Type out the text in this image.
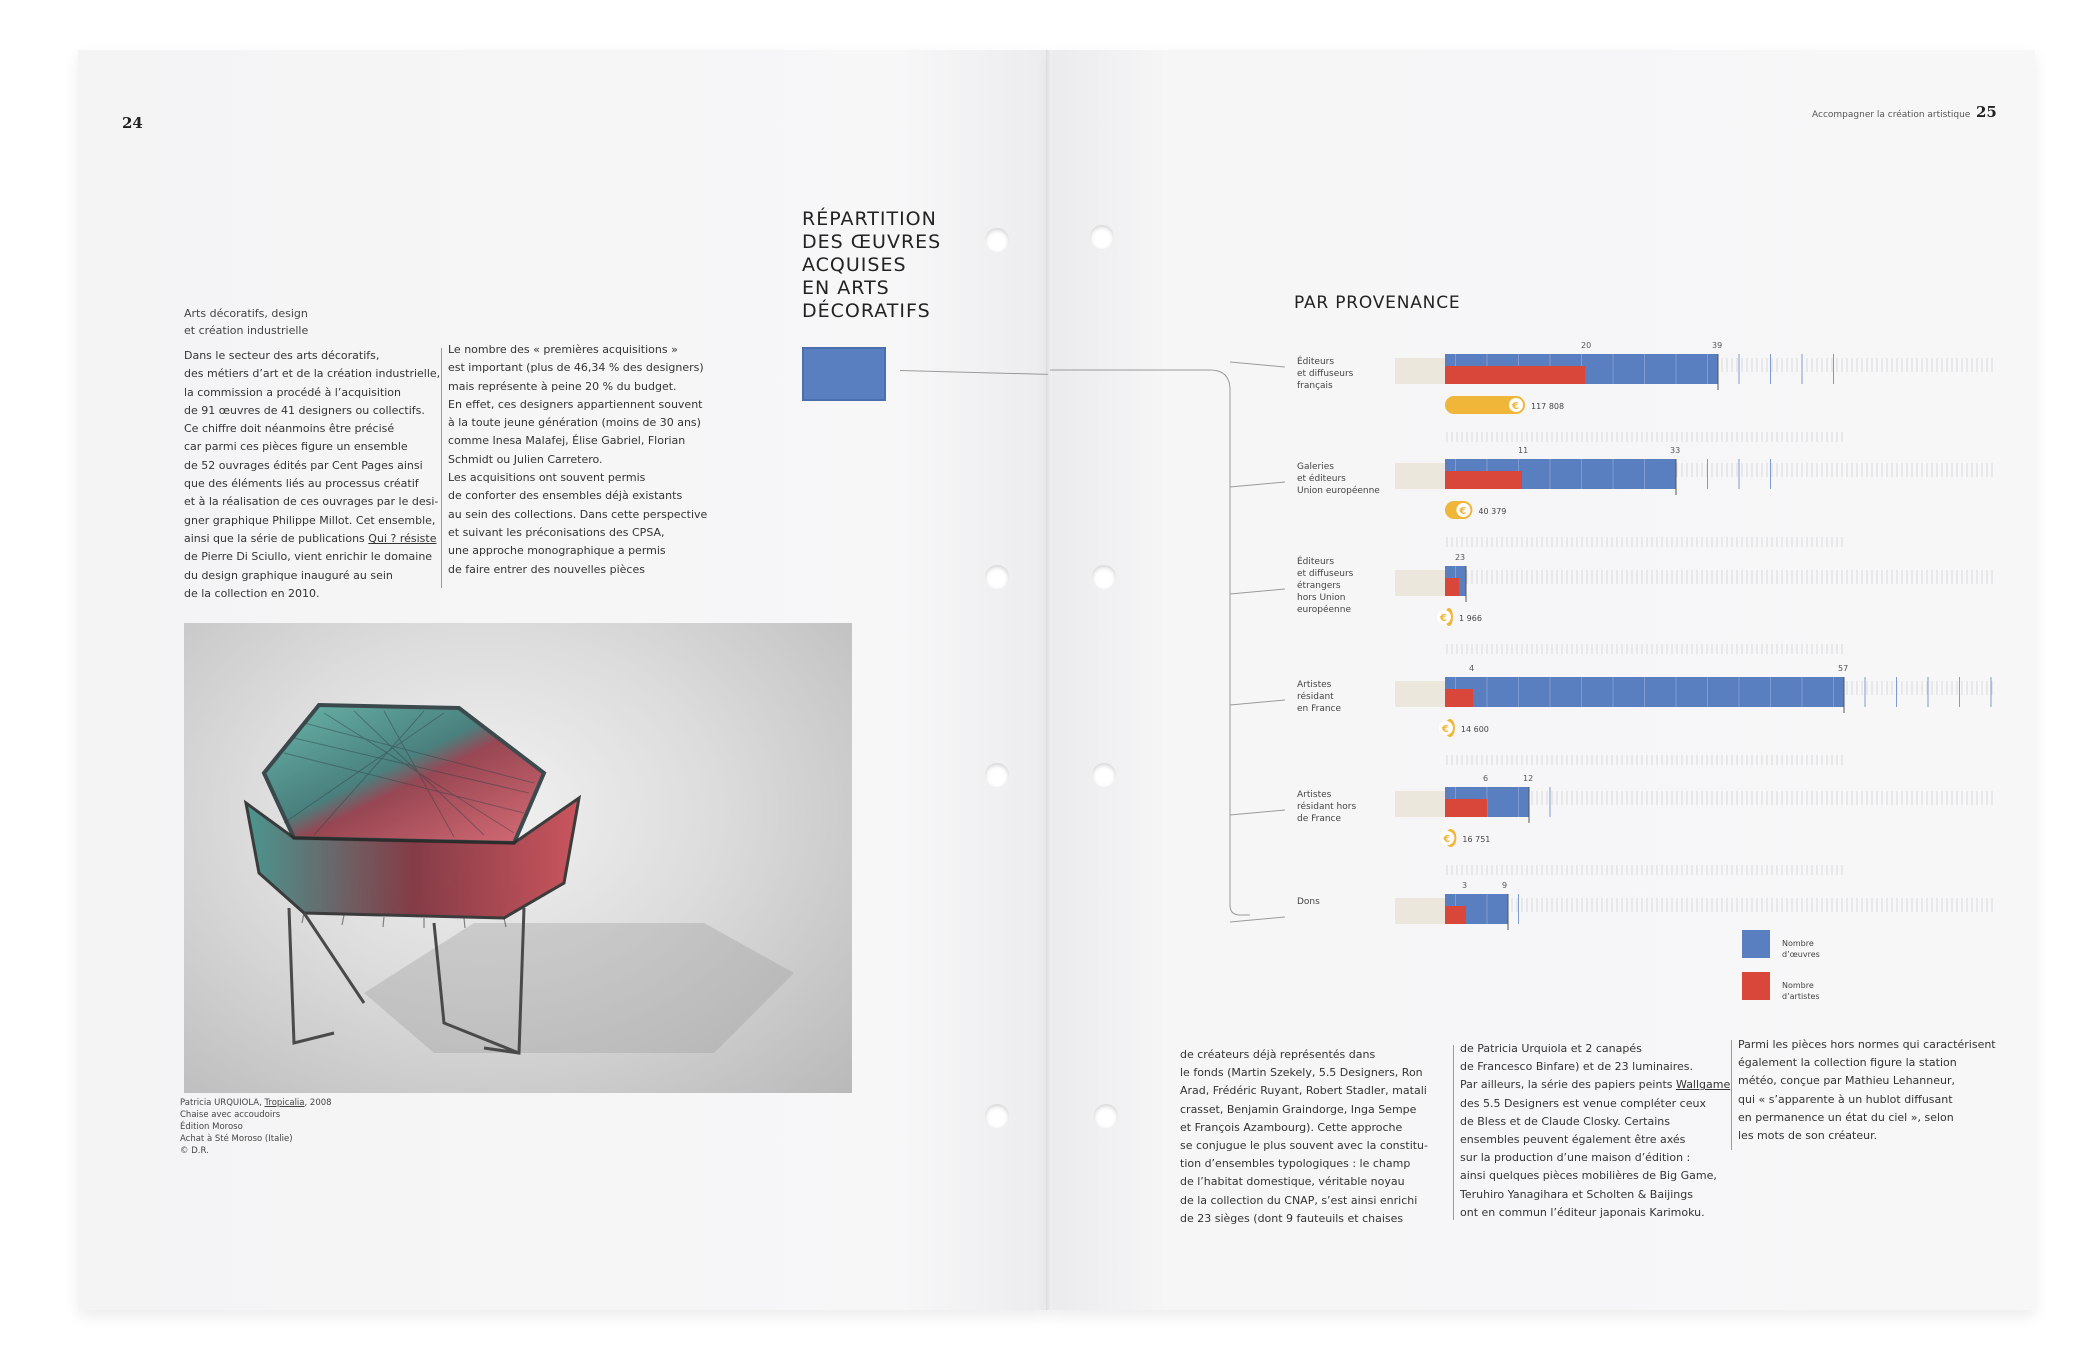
24	Accompagner la création artistique 25
RÉPARTITION
DES ŒUVRES
ACQUISES
EN ARTS
DÉCORATIFS
Arts décoratifs, design
et création industrielle

Dans le secteur des arts décoratifs,

des métiers d’art et de la création industrielle,

la commission a procédé à l’acquisition

de 91 œuvres de 41 designers ou collectifs.

Ce chiffre doit néanmoins être précisé

car parmi ces pièces figure un ensemble

de 52 ouvrages édités par Cent Pages ainsi

que des éléments liés au processus créatif

et à la réalisation de ces ouvrages par le desi-

gner graphique Philippe Millot. Cet ensemble,

ainsi que la série de publications Qui ? résiste

de Pierre Di Sciullo, vient enrichir le domaine

du design graphique inauguré au sein

de la collection en 2010.

Le nombre des « premières acquisitions »

est important (plus de 46,34 % des designers)

mais représente à peine 20 % du budget.

En effet, ces designers appartiennent souvent

à la toute jeune génération (moins de 30 ans)

comme Inesa Malafej, Élise Gabriel, Florian

Schmidt ou Julien Carretero.

Les acquisitions ont souvent permis

de conforter des ensembles déjà existants

au sein des collections. Dans cette perspective

et suivant les préconisations des CPSA,

une approche monographique a permis

de faire entrer des nouvelles pièces

Patricia URQUIOLA, Tropicalia, 2008
Chaise avec accoudoirs
Édition Moroso
Achat à Sté Moroso (Italie)
© D.R.
PAR PROVENANCE
Éditeurs
et diffuseurs
français
20	39
€ 117 808
Galeries
et éditeurs
Union européenne
11	33
€ 40 379
Éditeurs
et diffuseurs
étrangers
hors Union
européenne
2 3
€ 1 966
Artistes
résidant
en France
4	57
€ 14 600
Artistes
résidant hors
de France
6	12
€ 16 751
Dons
3	9
Nombre
d’œuvres
Nombre
d’artistes
de créateurs déjà représentés dans
le fonds (Martin Szekely, 5.5 Designers, Ron
Arad, Frédéric Ruyant, Robert Stadler, matali
crasset, Benjamin Graindorge, Inga Sempe
et François Azambourg). Cette approche
se conjugue le plus souvent avec la constitu-
tion d’ensembles typologiques : le champ
de l’habitat domestique, véritable noyau
de la collection du CNAP, s’est ainsi enrichi
de 23 sièges (dont 9 fauteuils et chaises
de Patricia Urquiola et 2 canapés
de Francesco Binfare) et de 23 luminaires.
Par ailleurs, la série des papiers peints Wallgame
des 5.5 Designers est venue compléter ceux
de Bless et de Claude Closky. Certains
ensembles peuvent également être axés
sur la production d’une maison d’édition :
ainsi quelques pièces mobilières de Big Game,
Teruhiro Yanagihara et Scholten & Baijings
ont en commun l’éditeur japonais Karimoku.
Parmi les pièces hors normes qui caractérisent
également la collection figure la station
météo, conçue par Mathieu Lehanneur,
qui « s’apparente à un hublot diffusant
en permanence un état du ciel », selon
les mots de son créateur.
